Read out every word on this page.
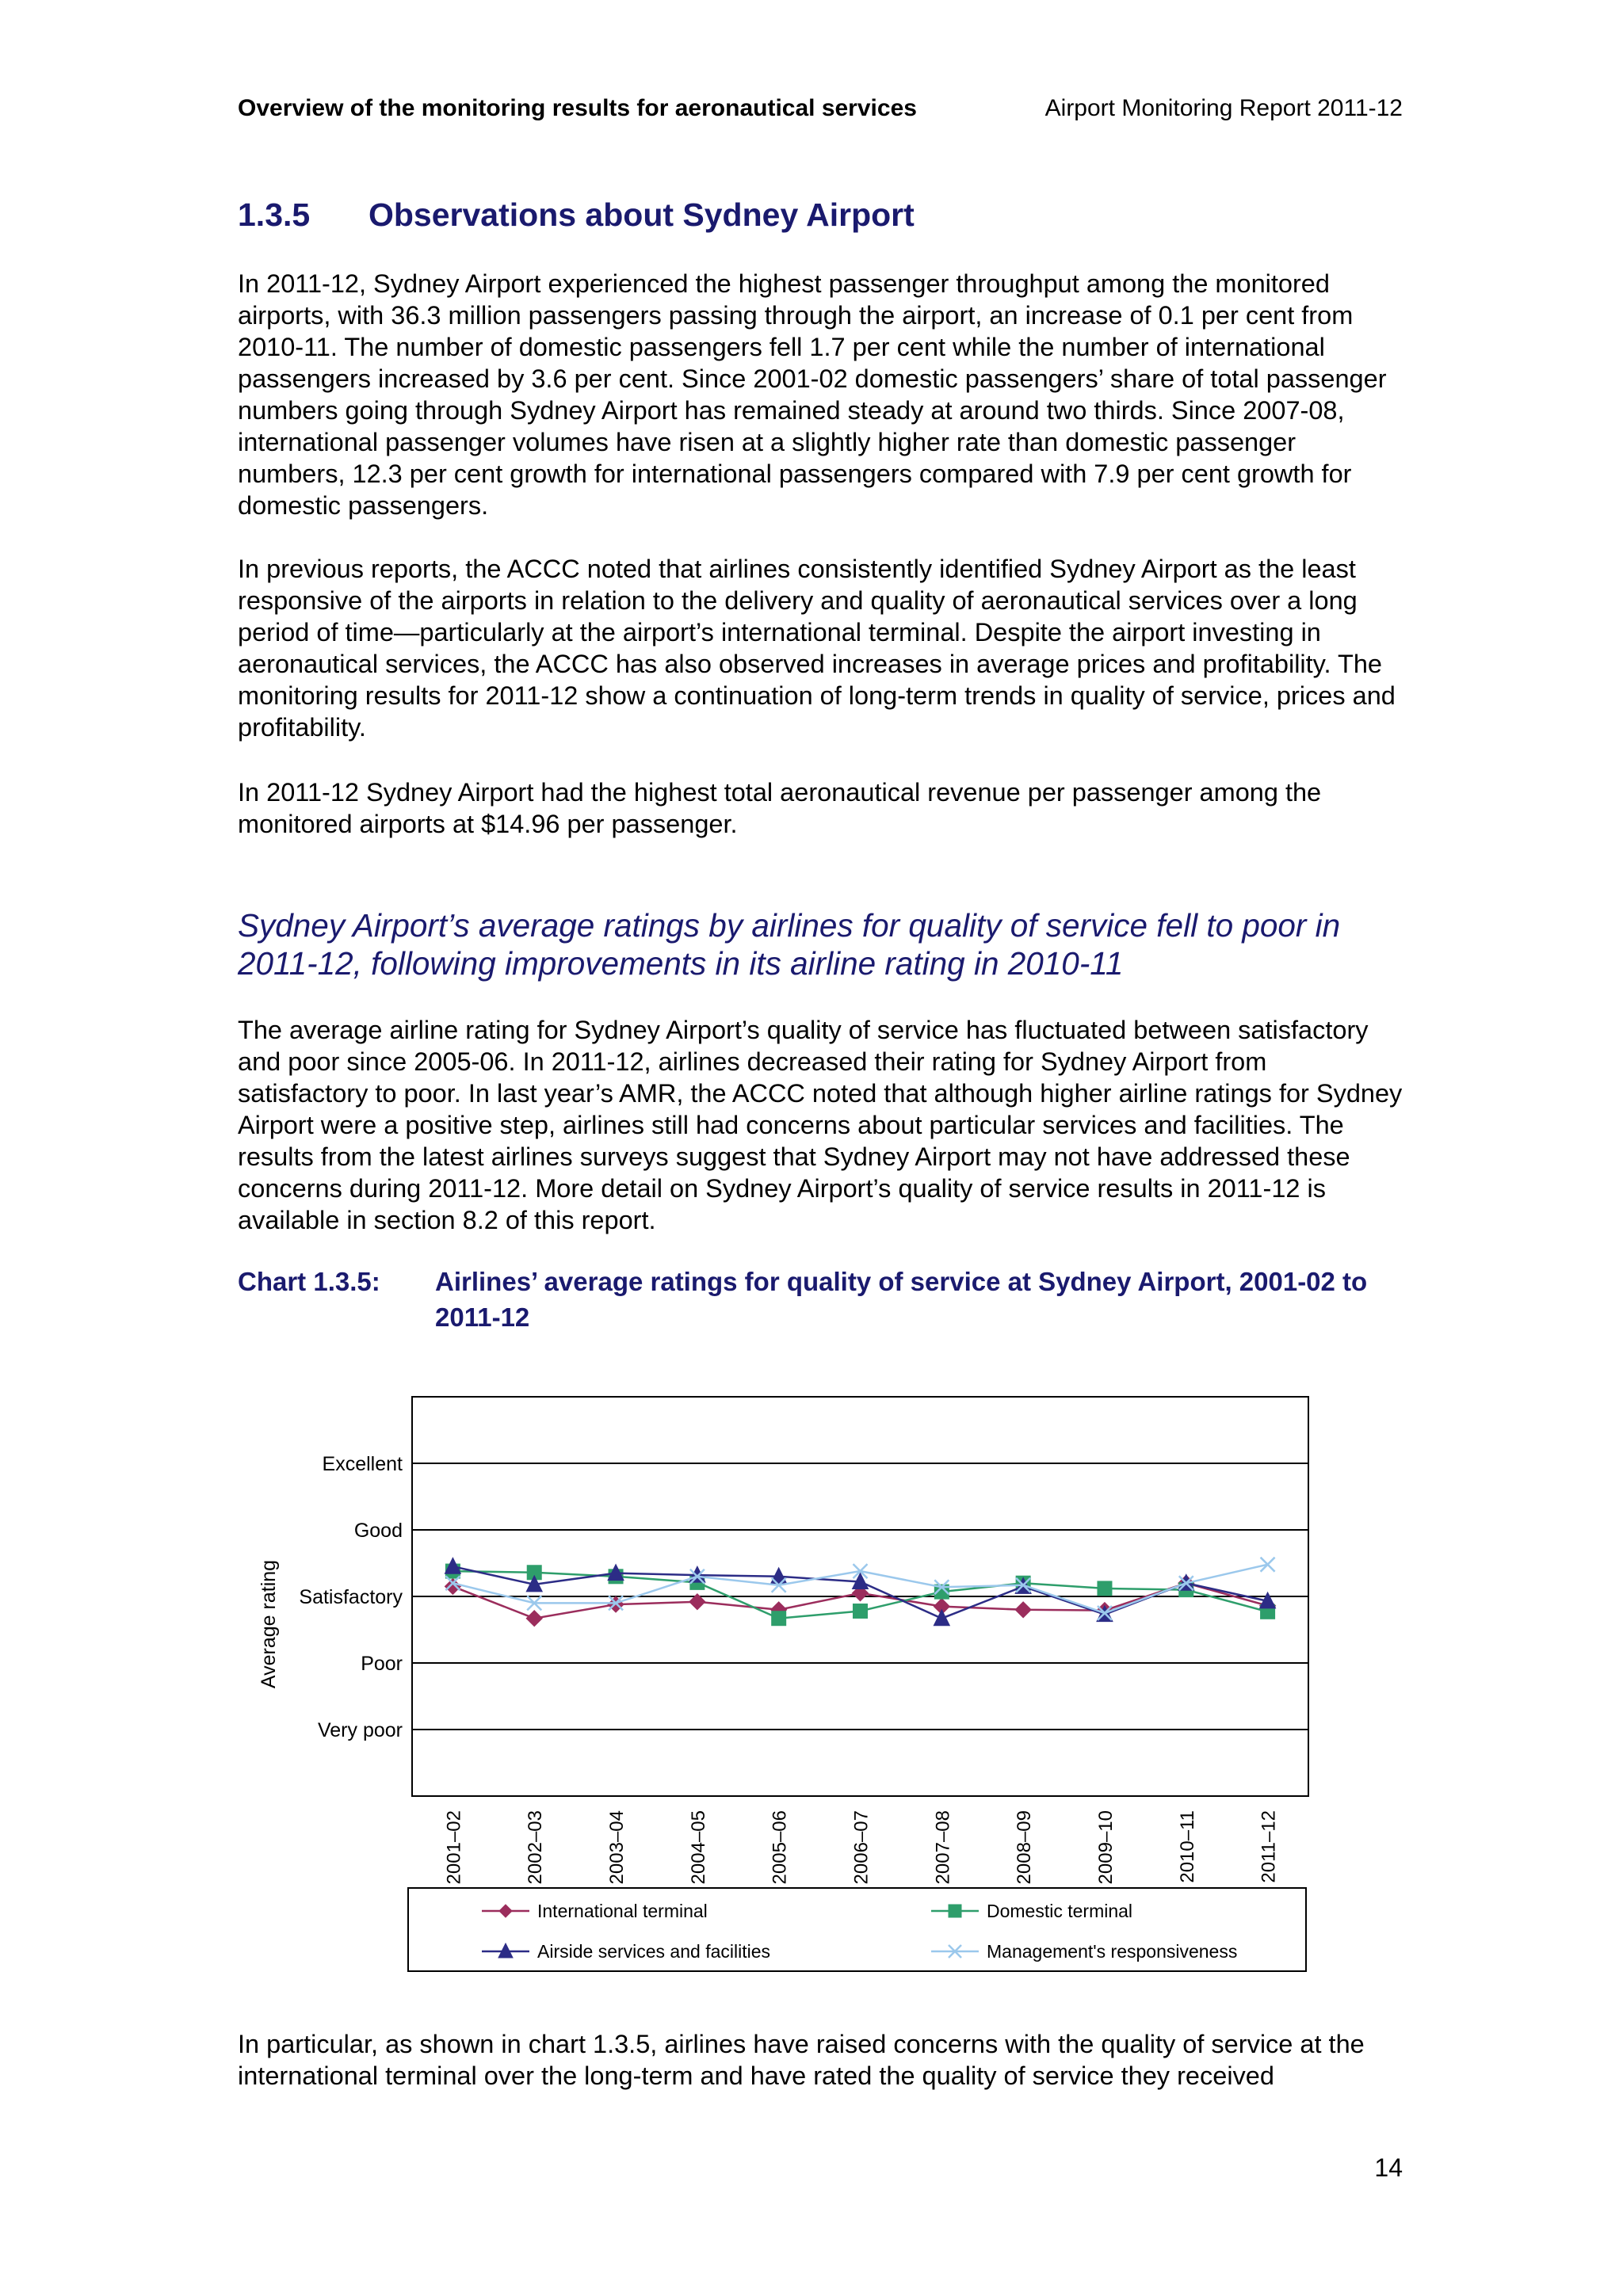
Overview of the monitoring results for aeronautical services	Airport Monitoring Report 2011-12
1.3.5 Observations about Sydney Airport

In 2011-12, Sydney Airport experienced the highest passenger throughput among the monitored airports, with 36.3 million passengers passing through the airport, an increase of 0.1 per cent from 2010-11. The number of domestic passengers fell 1.7 per cent while the number of international passengers increased by 3.6 per cent. Since 2001-02 domestic passengers’ share of total passenger numbers going through Sydney Airport has remained steady at around two thirds. Since 2007-08, international passenger volumes have risen at a slightly higher rate than domestic passenger numbers, 12.3 per cent growth for international passengers compared with 7.9 per cent growth for domestic passengers.

In previous reports, the ACCC noted that airlines consistently identified Sydney Airport as the least responsive of the airports in relation to the delivery and quality of aeronautical services over a long period of time—particularly at the airport’s international terminal. Despite the airport investing in aeronautical services, the ACCC has also observed increases in average prices and profitability. The monitoring results for 2011-12 show a continuation of long-term trends in quality of service, prices and profitability.

In 2011-12 Sydney Airport had the highest total aeronautical revenue per passenger among the monitored airports at $14.96 per passenger.

Sydney Airport’s average ratings by airlines for quality of service fell to poor in 2011-12, following improvements in its airline rating in 2010-11

The average airline rating for Sydney Airport’s quality of service has fluctuated between satisfactory and poor since 2005-06. In 2011-12, airlines decreased their rating for Sydney Airport from satisfactory to poor. In last year’s AMR, the ACCC noted that although higher airline ratings for Sydney Airport were a positive step, airlines still had concerns about particular services and facilities. The results from the latest airlines surveys suggest that Sydney Airport may not have addressed these concerns during 2011-12. More detail on Sydney Airport’s quality of service results in 2011-12 is available in section 8.2 of this report.

Chart 1.3.5: Airlines’ average ratings for quality of service at Sydney Airport, 2001-02 to 2011-12
Very poor
Poor
Satisfactory
Good
Excellent
Average rating
2001–02	2002–03	2003–04	2004–05	2005–06	2006–07	2007–08	2008–09	2009–10	2010–11	2011–12
International terminal	Domestic terminal
Airside services and facilities	Management's responsiveness

In particular, as shown in chart 1.3.5, airlines have raised concerns with the quality of service at the international terminal over the long-term and have rated the quality of service they received

14
